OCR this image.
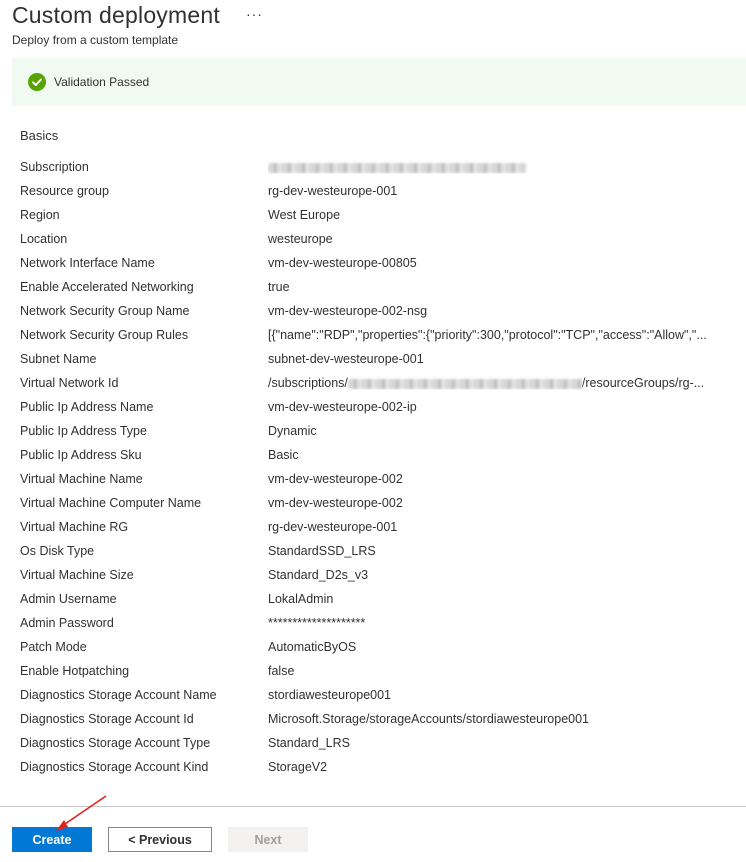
Custom deployment ···
Deploy from a custom template
Validation Passed
Basics
Subscription
Resource group	rg-dev-westeurope-001
Region	West Europe
Location	westeurope
Network Interface Name	vm-dev-westeurope-00805
Enable Accelerated Networking	true
Network Security Group Name	vm-dev-westeurope-002-nsg
Network Security Group Rules	[{"name":"RDP","properties":{"priority":300,"protocol":"TCP","access":"Allow","...
Subnet Name	subnet-dev-westeurope-001
Virtual Network Id	/subscriptions/	/resourceGroups/rg-...
Public Ip Address Name	vm-dev-westeurope-002-ip
Public Ip Address Type	Dynamic
Public Ip Address Sku	Basic
Virtual Machine Name	vm-dev-westeurope-002
Virtual Machine Computer Name	vm-dev-westeurope-002
Virtual Machine RG	rg-dev-westeurope-001
Os Disk Type	StandardSSD_LRS
Virtual Machine Size	Standard_D2s_v3
Admin Username	LokalAdmin
Admin Password	********************
Patch Mode	AutomaticByOS
Enable Hotpatching	false
Diagnostics Storage Account Name	stordiawesteurope001
Diagnostics Storage Account Id	Microsoft.Storage/storageAccounts/stordiawesteurope001
Diagnostics Storage Account Type	Standard_LRS
Diagnostics Storage Account Kind	StorageV2
Create	< Previous	Next
